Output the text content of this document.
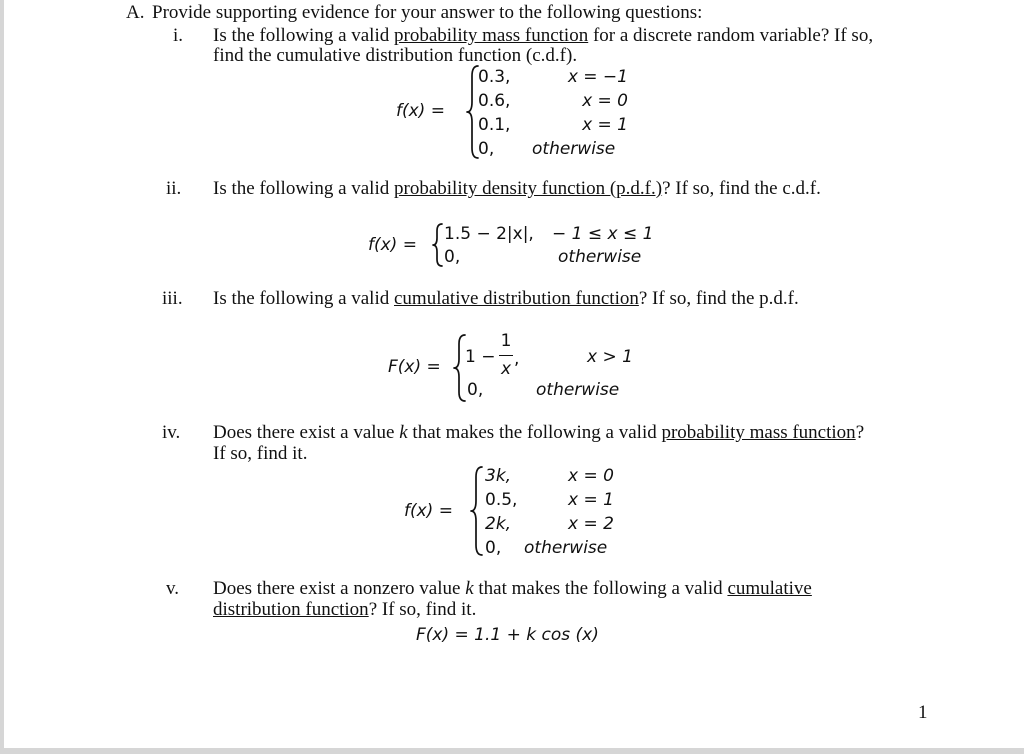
A. Provide supporting evidence for your answer to the following questions:
i. Is the following a valid probability mass function for a discrete random variable? If so,
find the cumulative distribution function (c.d.f).
f(x) =
0.3,
0.6,
0.1,
0,
x = −1
x = 0
x = 1
otherwise
ii. Is the following a valid probability density function (p.d.f.)? If so, find the c.d.f.
f(x) =
1.5 − 2|x|,
0,
− 1 ≤ x ≤ 1
otherwise
iii. Is the following a valid cumulative distribution function? If so, find the p.d.f.
F(x) = 1 −
1
x ,	x > 1
0,	otherwise
iv. Does there exist a value k that makes the following a valid probability mass function?
If so, find it.
f(x) =
3k,
0.5,
2k,
0,
x = 0
x = 1
x = 2
otherwise
v. Does there exist a nonzero value k that makes the following a valid cumulative
distribution function? If so, find it.
F(x) = 1.1 + k cos (x)
1
